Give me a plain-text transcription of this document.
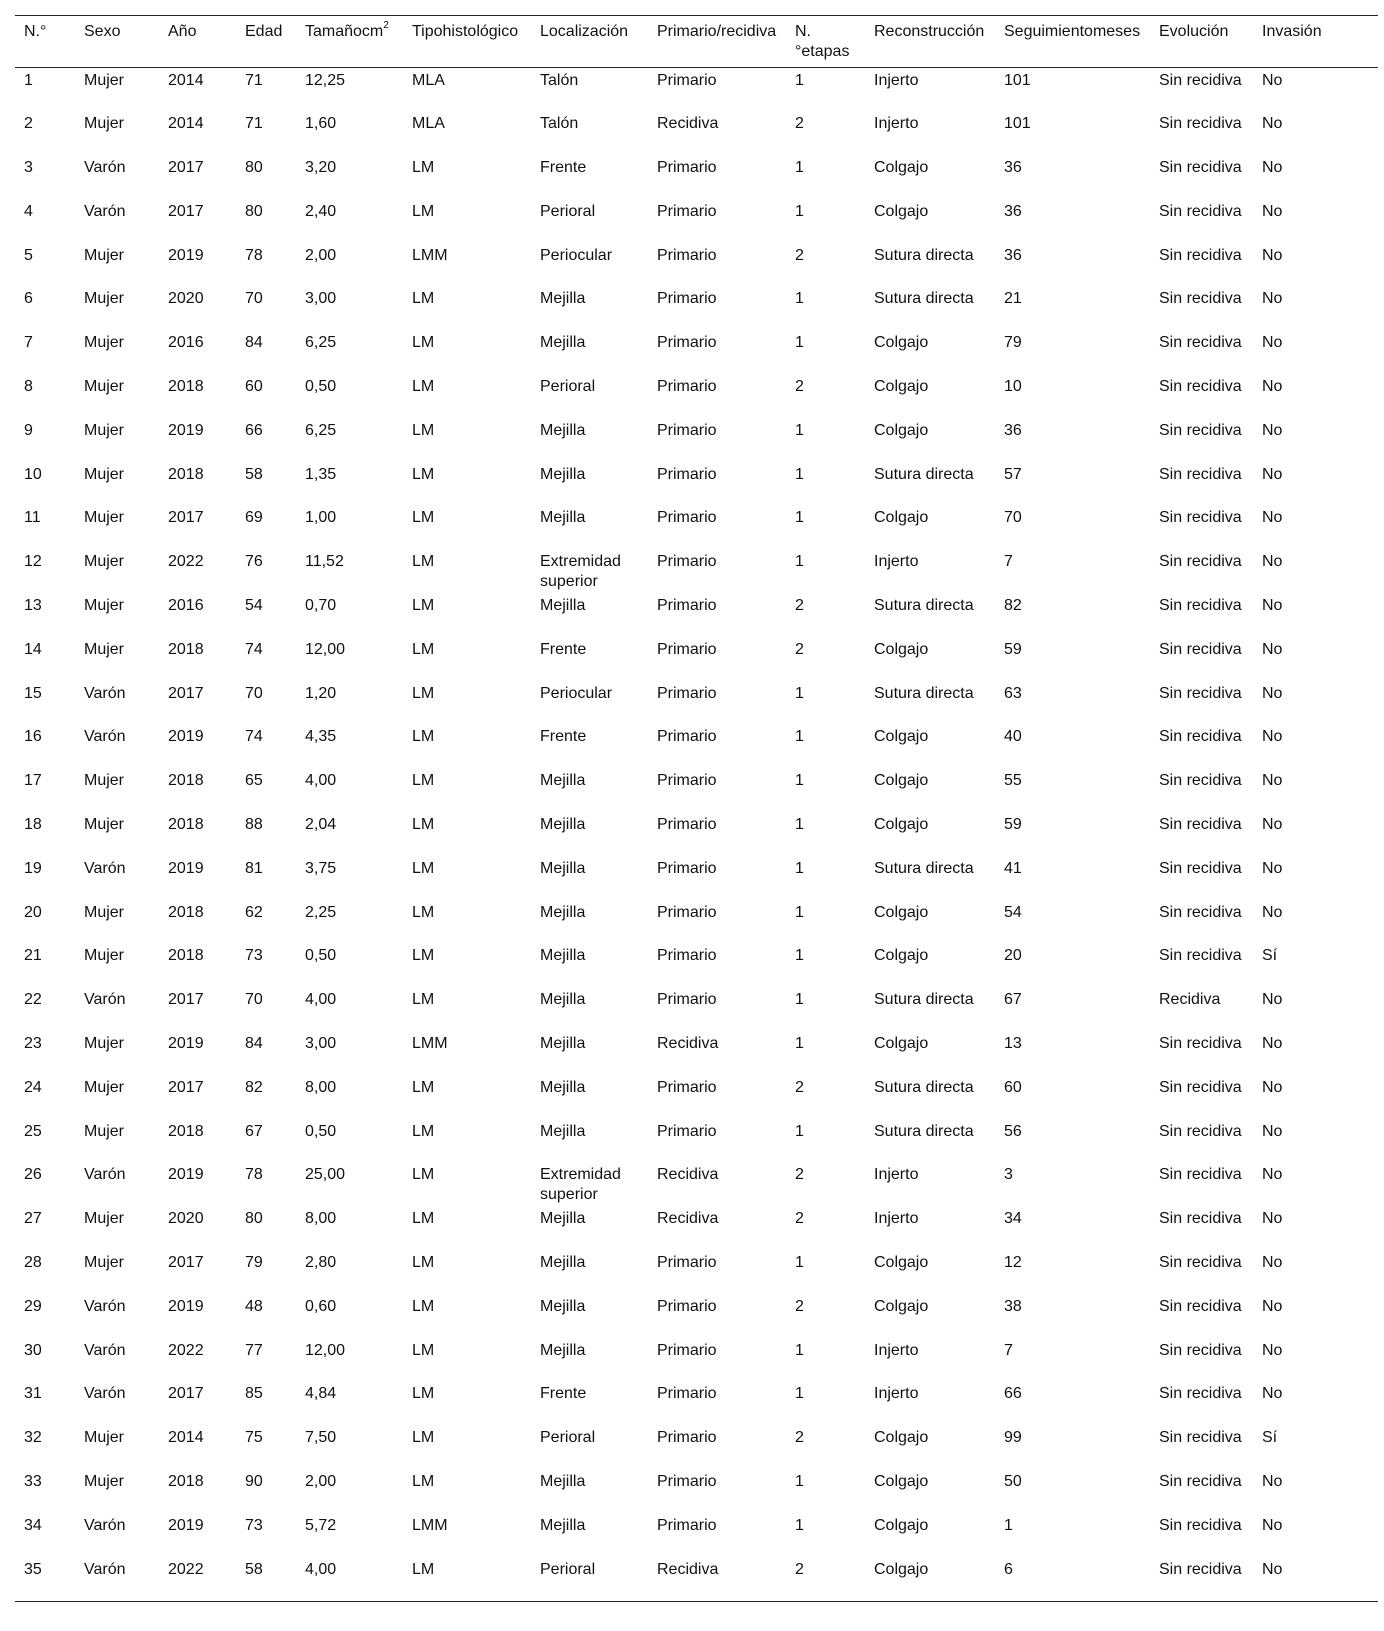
N.°	Sexo	Año	Edad	Tamañocm$^2$	Tipohistológico	Localización	Primario/recidiva	N. °etapas	Reconstrucción	Seguimientomeses	Evolución	Invasión
1	Mujer	2014	71	12,25	MLA	Talón	Primario	1	Injerto	101	Sin recidiva	No
2	Mujer	2014	71	1,60	MLA	Talón	Recidiva	2	Injerto	101	Sin recidiva	No
3	Varón	2017	80	3,20	LM	Frente	Primario	1	Colgajo	36	Sin recidiva	No
4	Varón	2017	80	2,40	LM	Perioral	Primario	1	Colgajo	36	Sin recidiva	No
5	Mujer	2019	78	2,00	LMM	Periocular	Primario	2	Sutura directa	36	Sin recidiva	No
6	Mujer	2020	70	3,00	LM	Mejilla	Primario	1	Sutura directa	21	Sin recidiva	No
7	Mujer	2016	84	6,25	LM	Mejilla	Primario	1	Colgajo	79	Sin recidiva	No
8	Mujer	2018	60	0,50	LM	Perioral	Primario	2	Colgajo	10	Sin recidiva	No
9	Mujer	2019	66	6,25	LM	Mejilla	Primario	1	Colgajo	36	Sin recidiva	No
10	Mujer	2018	58	1,35	LM	Mejilla	Primario	1	Sutura directa	57	Sin recidiva	No
11	Mujer	2017	69	1,00	LM	Mejilla	Primario	1	Colgajo	70	Sin recidiva	No
12	Mujer	2022	76	11,52	LM	Extremidad superior	Primario	1	Injerto	7	Sin recidiva	No
13	Mujer	2016	54	0,70	LM	Mejilla	Primario	2	Sutura directa	82	Sin recidiva	No
14	Mujer	2018	74	12,00	LM	Frente	Primario	2	Colgajo	59	Sin recidiva	No
15	Varón	2017	70	1,20	LM	Periocular	Primario	1	Sutura directa	63	Sin recidiva	No
16	Varón	2019	74	4,35	LM	Frente	Primario	1	Colgajo	40	Sin recidiva	No
17	Mujer	2018	65	4,00	LM	Mejilla	Primario	1	Colgajo	55	Sin recidiva	No
18	Mujer	2018	88	2,04	LM	Mejilla	Primario	1	Colgajo	59	Sin recidiva	No
19	Varón	2019	81	3,75	LM	Mejilla	Primario	1	Sutura directa	41	Sin recidiva	No
20	Mujer	2018	62	2,25	LM	Mejilla	Primario	1	Colgajo	54	Sin recidiva	No
21	Mujer	2018	73	0,50	LM	Mejilla	Primario	1	Colgajo	20	Sin recidiva	Sí
22	Varón	2017	70	4,00	LM	Mejilla	Primario	1	Sutura directa	67	Recidiva	No
23	Mujer	2019	84	3,00	LMM	Mejilla	Recidiva	1	Colgajo	13	Sin recidiva	No
24	Mujer	2017	82	8,00	LM	Mejilla	Primario	2	Sutura directa	60	Sin recidiva	No
25	Mujer	2018	67	0,50	LM	Mejilla	Primario	1	Sutura directa	56	Sin recidiva	No
26	Varón	2019	78	25,00	LM	Extremidad superior	Recidiva	2	Injerto	3	Sin recidiva	No
27	Mujer	2020	80	8,00	LM	Mejilla	Recidiva	2	Injerto	34	Sin recidiva	No
28	Mujer	2017	79	2,80	LM	Mejilla	Primario	1	Colgajo	12	Sin recidiva	No
29	Varón	2019	48	0,60	LM	Mejilla	Primario	2	Colgajo	38	Sin recidiva	No
30	Varón	2022	77	12,00	LM	Mejilla	Primario	1	Injerto	7	Sin recidiva	No
31	Varón	2017	85	4,84	LM	Frente	Primario	1	Injerto	66	Sin recidiva	No
32	Mujer	2014	75	7,50	LM	Perioral	Primario	2	Colgajo	99	Sin recidiva	Sí
33	Mujer	2018	90	2,00	LM	Mejilla	Primario	1	Colgajo	50	Sin recidiva	No
34	Varón	2019	73	5,72	LMM	Mejilla	Primario	1	Colgajo	1	Sin recidiva	No
35	Varón	2022	58	4,00	LM	Perioral	Recidiva	2	Colgajo	6	Sin recidiva	No
